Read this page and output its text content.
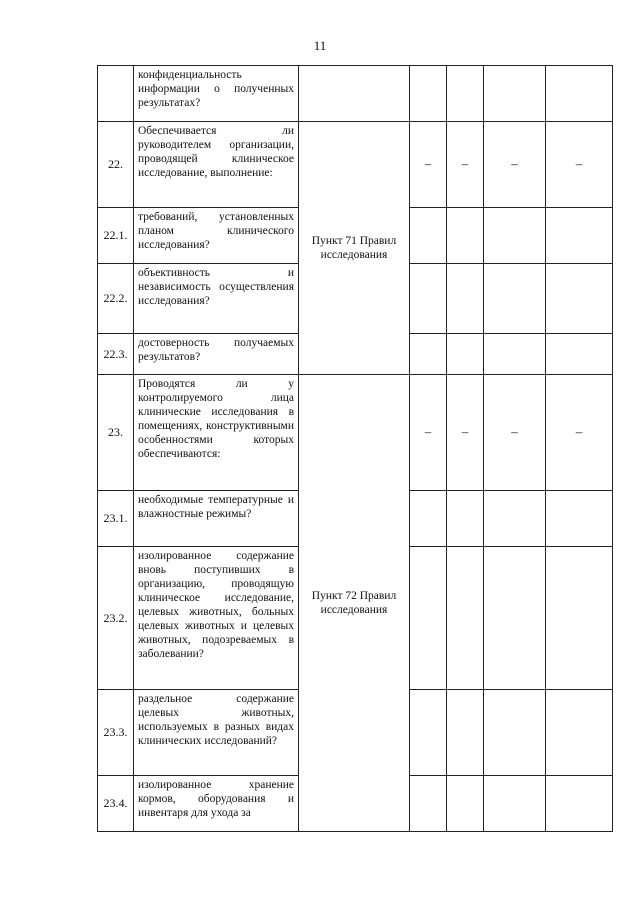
11
	конфиденциальность информации о полученных результатах?					
22.	Обеспечивается ли руководителем организации, проводящей клиническое исследование, выполнение:	Пункт 71 Правил исследования	–	–	–	–
22.1.	требований, установленных планом клинического исследования?					
22.2.	объективность и независимость осуществления исследования?					
22.3.	достоверность получаемых результатов?					
23.	Проводятся ли у контролируемого лица клинические исследования в помещениях, конструктивными особенностями которых обеспечиваются:	Пункт 72 Правил исследования	–	–	–	–
23.1.	необходимые температурные и влажностные режимы?					
23.2.	изолированное содержание вновь поступивших в организацию, проводящую клиническое исследование, целевых животных, больных целевых животных и целевых животных, подозреваемых в заболевании?					
23.3.	раздельное содержание целевых животных, используемых в разных видах клинических исследований?					
23.4.	изолированное хранение кормов, оборудования и инвентаря для ухода за					
